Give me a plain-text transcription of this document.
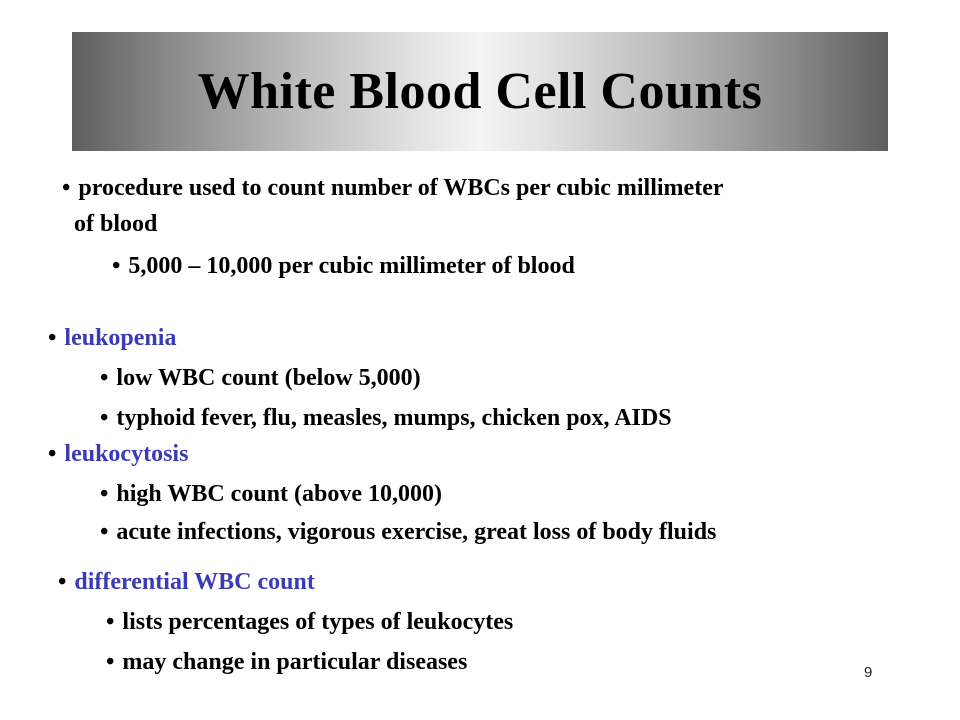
White Blood Cell Counts
• procedure used to count number of WBCs per cubic millimeter
of blood
• 5,000 – 10,000 per cubic millimeter of blood
• leukopenia
• low WBC count (below 5,000)
• typhoid fever, flu, measles, mumps, chicken pox, AIDS
• leukocytosis
• high WBC count (above 10,000)
• acute infections, vigorous exercise, great loss of body fluids
• differential WBC count
• lists percentages of types of leukocytes
• may change in particular diseases	9
